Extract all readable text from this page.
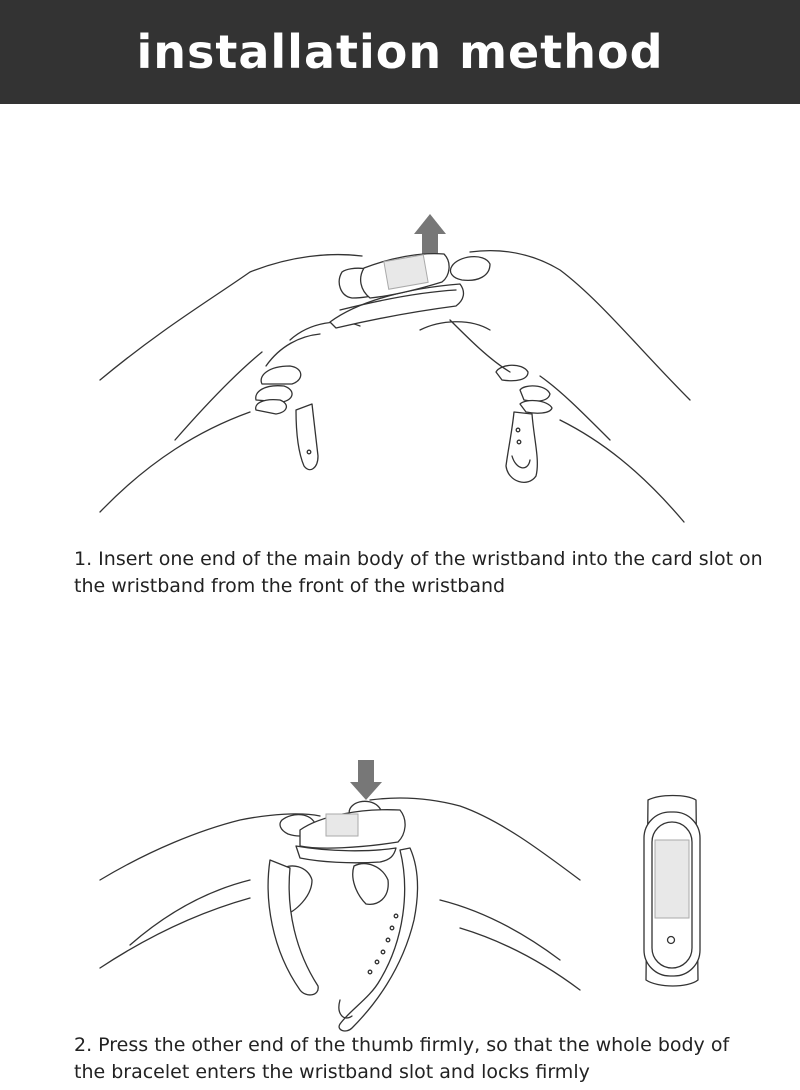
installation method

1. Insert one end of the main body of the wristband into the card slot on the wristband from the front of the wristband

2. Press the other end of the thumb firmly, so that the whole body of the bracelet enters the wristband slot and locks firmly
